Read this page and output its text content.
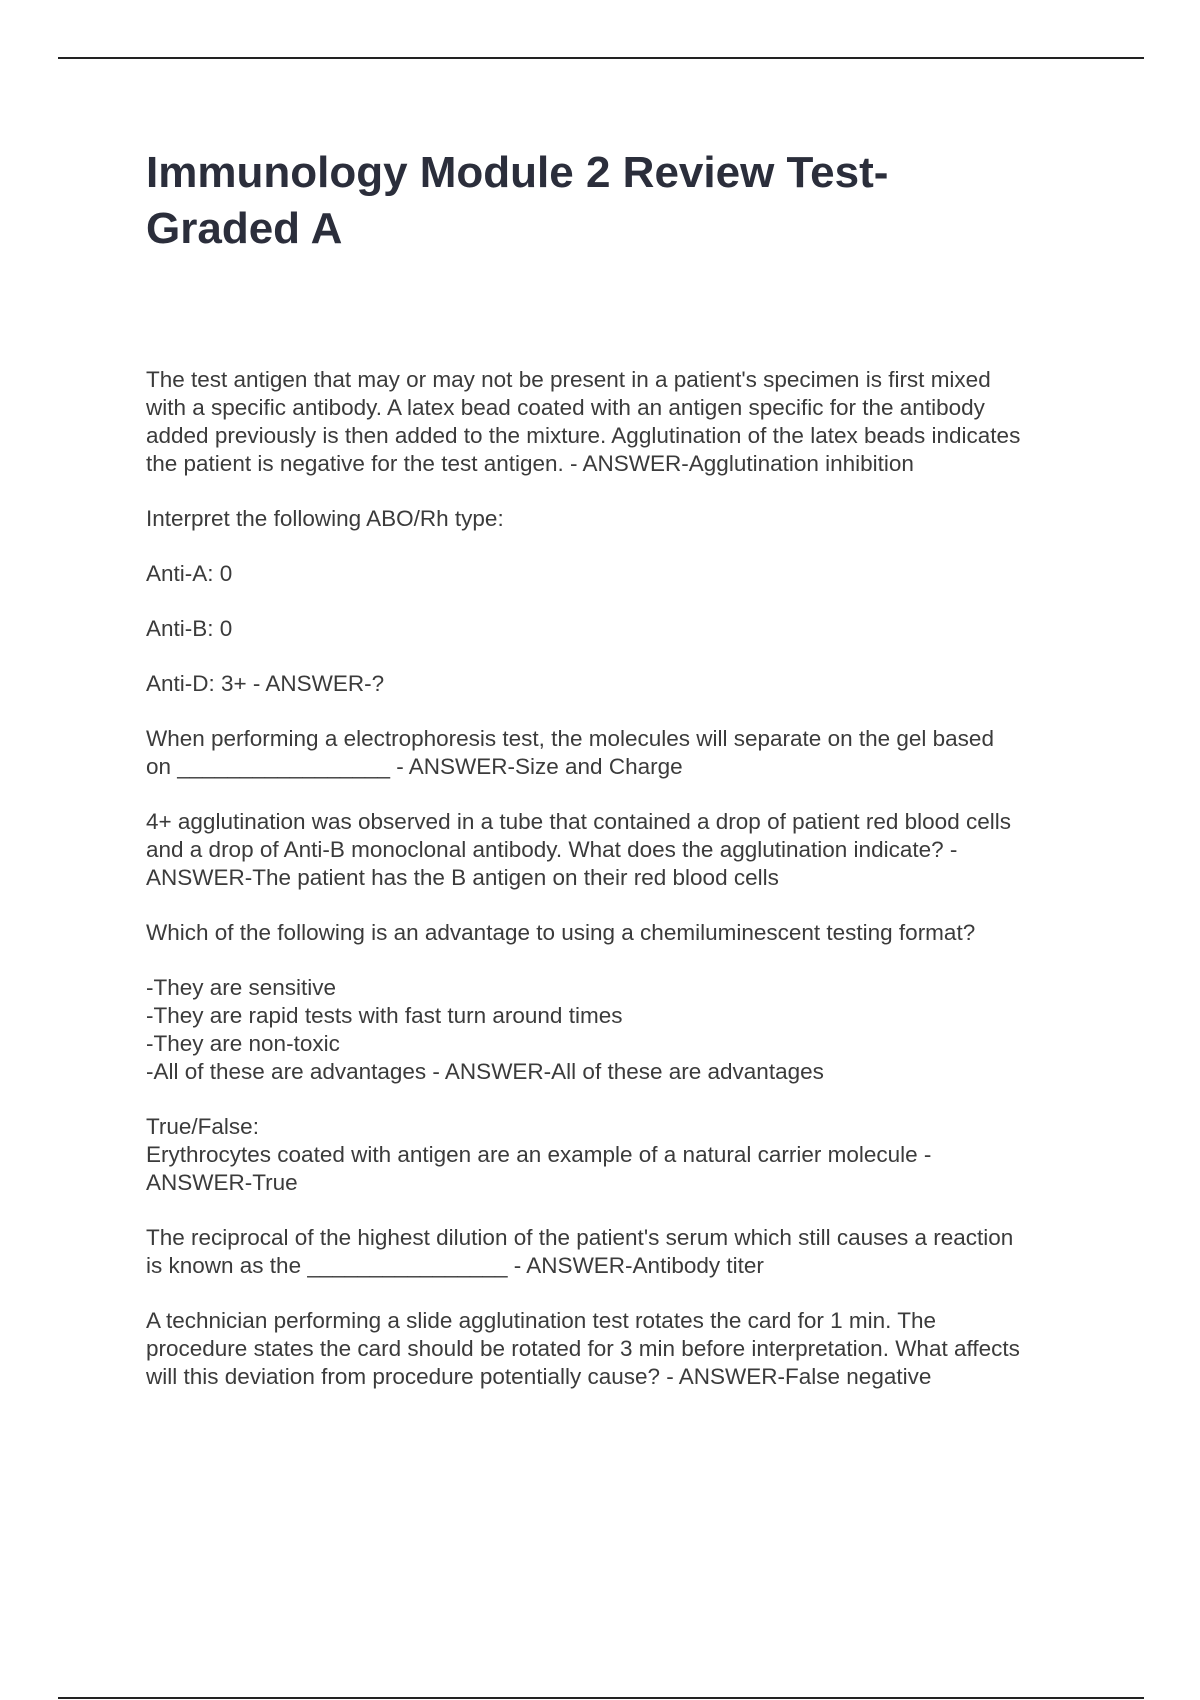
Immunology Module 2 Review Test-
Graded A

The test antigen that may or may not be present in a patient's specimen is first mixed
with a specific antibody. A latex bead coated with an antigen specific for the antibody
added previously is then added to the mixture. Agglutination of the latex beads indicates
the patient is negative for the test antigen. - ANSWER-Agglutination inhibition

Interpret the following ABO/Rh type:

Anti-A: 0

Anti-B: 0

Anti-D: 3+ - ANSWER-?

When performing a electrophoresis test, the molecules will separate on the gel based
on _________________ - ANSWER-Size and Charge

4+ agglutination was observed in a tube that contained a drop of patient red blood cells
and a drop of Anti-B monoclonal antibody. What does the agglutination indicate? -
ANSWER-The patient has the B antigen on their red blood cells

Which of the following is an advantage to using a chemiluminescent testing format?

-They are sensitive
-They are rapid tests with fast turn around times
-They are non-toxic
-All of these are advantages - ANSWER-All of these are advantages

True/False:
Erythrocytes coated with antigen are an example of a natural carrier molecule -
ANSWER-True

The reciprocal of the highest dilution of the patient's serum which still causes a reaction
is known as the ________________ - ANSWER-Antibody titer

A technician performing a slide agglutination test rotates the card for 1 min. The
procedure states the card should be rotated for 3 min before interpretation. What affects
will this deviation from procedure potentially cause? - ANSWER-False negative
